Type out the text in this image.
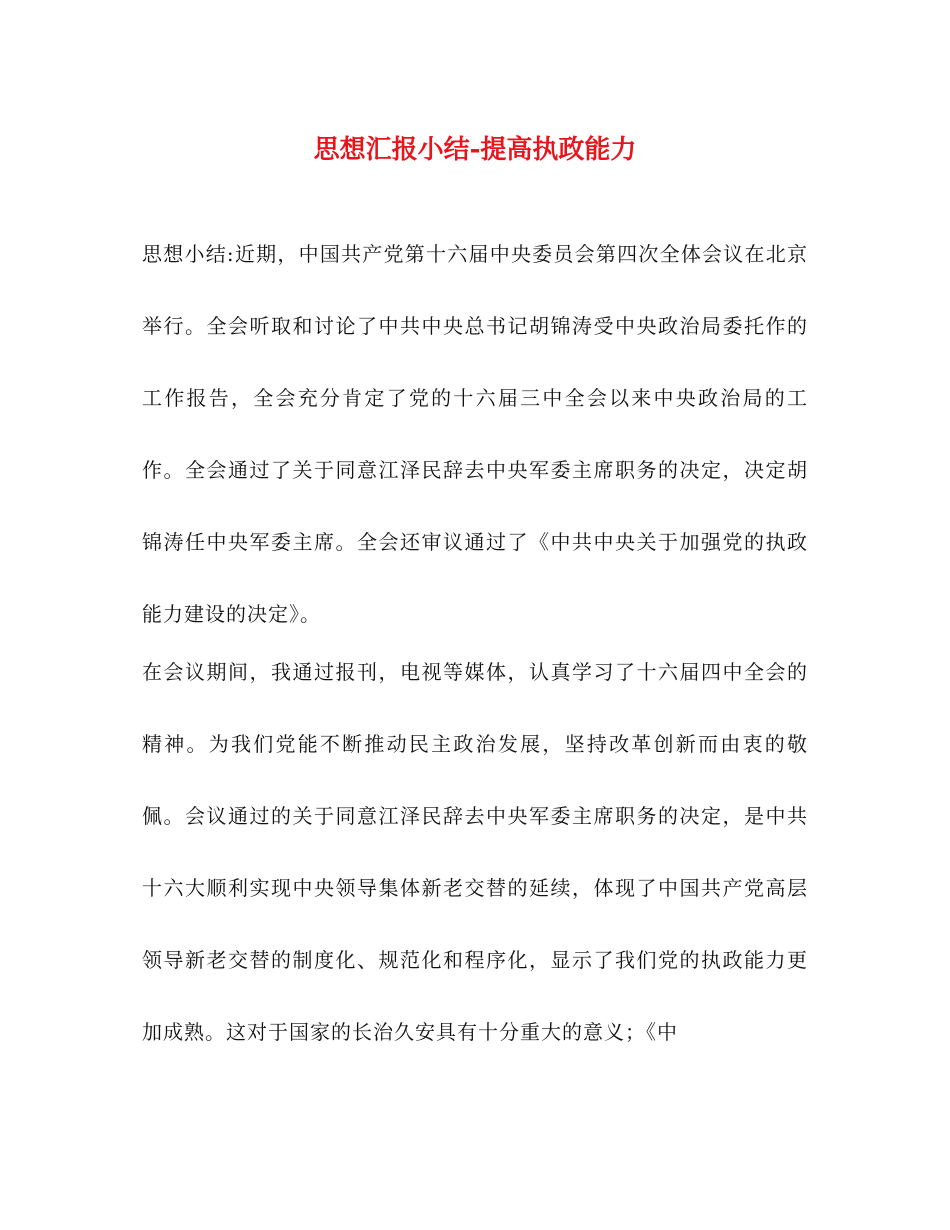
思想汇报小结-提高执政能力

思想小结:近期，中国共产党第十六届中央委员会第四次全体会议在北京举行。全会听取和讨论了中共中央总书记胡锦涛受中央政治局委托作的工作报告，全会充分肯定了党的十六届三中全会以来中央政治局的工作。全会通过了关于同意江泽民辞去中央军委主席职务的决定，决定胡锦涛任中央军委主席。全会还审议通过了《中共中央关于加强党的执政能力建设的决定》。

在会议期间，我通过报刊，电视等媒体，认真学习了十六届四中全会的精神。为我们党能不断推动民主政治发展，坚持改革创新而由衷的敬佩。会议通过的关于同意江泽民辞去中央军委主席职务的决定，是中共十六大顺利实现中央领导集体新老交替的延续，体现了中国共产党高层领导新老交替的制度化、规范化和程序化，显示了我们党的执政能力更加成熟。这对于国家的长治久安具有十分重大的意义；《中
